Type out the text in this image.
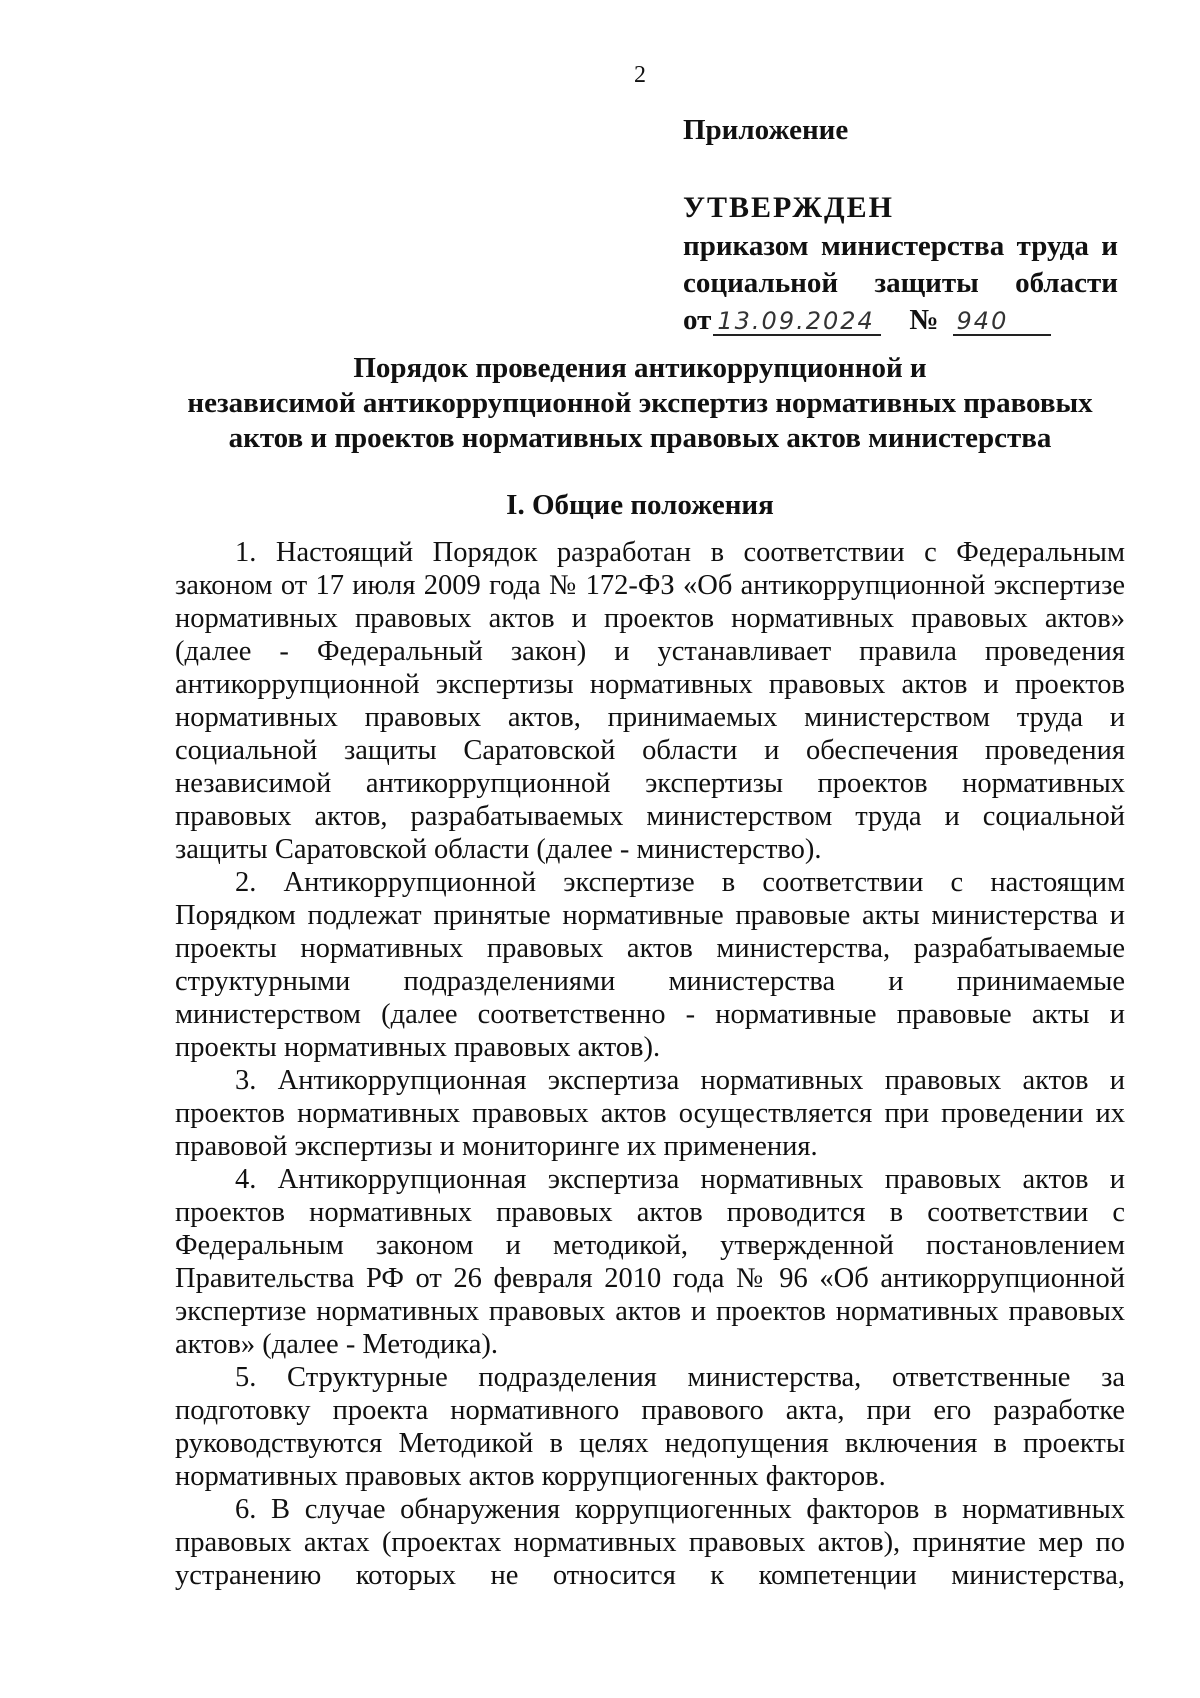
2
Приложение
УТВЕРЖДЕН
приказом министерства труда и
социальной защиты области
от 13.09.2024 № 940
Порядок проведения антикоррупционной и
независимой антикоррупционной экспертиз нормативных правовых
актов и проектов нормативных правовых актов министерства
I. Общие положения

1. Настоящий Порядок разработан в соответствии с Федеральным законом от 17 июля 2009 года № 172-ФЗ «Об антикоррупционной экспертизе нормативных правовых актов и проектов нормативных правовых актов» (далее - Федеральный закон) и устанавливает правила проведения антикоррупционной экспертизы нормативных правовых актов и проектов нормативных правовых актов, принимаемых министерством труда и социальной защиты Саратовской области и обеспечения проведения независимой антикоррупционной экспертизы проектов нормативных правовых актов, разрабатываемых министерством труда и социальной защиты Саратовской области (далее - министерство).

2. Антикоррупционной экспертизе в соответствии с настоящим Порядком подлежат принятые нормативные правовые акты министерства и проекты нормативных правовых актов министерства, разрабатываемые структурными подразделениями министерства и принимаемые министерством (далее соответственно - нормативные правовые акты и проекты нормативных правовых актов).

3. Антикоррупционная экспертиза нормативных правовых актов и проектов нормативных правовых актов осуществляется при проведении их правовой экспертизы и мониторинге их применения.

4. Антикоррупционная экспертиза нормативных правовых актов и проектов нормативных правовых актов проводится в соответствии с Федеральным законом и методикой, утвержденной постановлением Правительства РФ от 26 февраля 2010 года № 96 «Об антикоррупционной экспертизе нормативных правовых актов и проектов нормативных правовых актов» (далее - Методика).

5. Структурные подразделения министерства, ответственные за подготовку проекта нормативного правового акта, при его разработке руководствуются Методикой в целях недопущения включения в проекты нормативных правовых актов коррупциогенных факторов.

6. В случае обнаружения коррупциогенных факторов в нормативных правовых актах (проектах нормативных правовых актов), принятие мер по устранению которых не относится к компетенции министерства,
